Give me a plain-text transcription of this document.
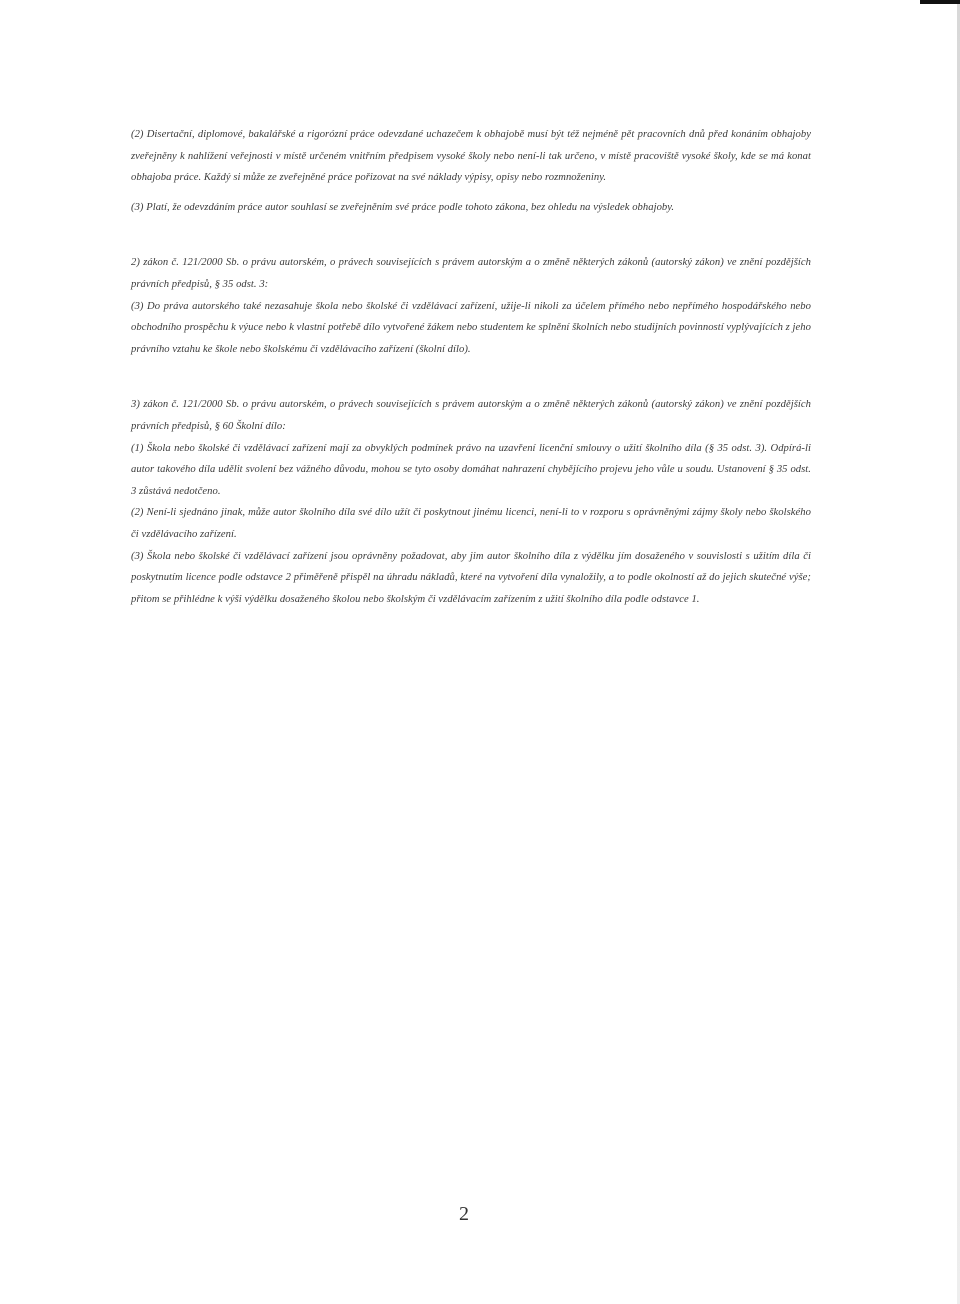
(2) Disertační, diplomové, bakalářské a rigorózní práce odevzdané uchazečem k obhajobě musí být též nejméně pět pracovních dnů před konáním obhajoby zveřejněny k nahlížení veřejnosti v místě určeném vnitřním předpisem vysoké školy nebo není-li tak určeno, v místě pracoviště vysoké školy, kde se má konat obhajoba práce. Každý si může ze zveřejněné práce pořizovat na své náklady výpisy, opisy nebo rozmnoženiny.

(3) Platí, že odevzdáním práce autor souhlasí se zveřejněním své práce podle tohoto zákona, bez ohledu na výsledek obhajoby.

2) zákon č. 121/2000 Sb. o právu autorském, o právech souvisejících s právem autorským a o změně některých zákonů (autorský zákon) ve znění pozdějších právních předpisů, § 35 odst. 3:

(3) Do práva autorského také nezasahuje škola nebo školské či vzdělávací zařízení, užije-li nikoli za účelem přímého nebo nepřímého hospodářského nebo obchodního prospěchu k výuce nebo k vlastní potřebě dílo vytvořené žákem nebo studentem ke splnění školních nebo studijních povinností vyplývajících z jeho právního vztahu ke škole nebo školskému či vzdělávacího zařízení (školní dílo).

3) zákon č. 121/2000 Sb. o právu autorském, o právech souvisejících s právem autorským a o změně některých zákonů (autorský zákon) ve znění pozdějších právních předpisů, § 60 Školní dílo:

(1) Škola nebo školské či vzdělávací zařízení mají za obvyklých podmínek právo na uzavření licenční smlouvy o užití školního díla (§ 35 odst. 3). Odpírá-li autor takového díla udělit svolení bez vážného důvodu, mohou se tyto osoby domáhat nahrazení chybějícího projevu jeho vůle u soudu. Ustanovení § 35 odst. 3 zůstává nedotčeno.

(2) Není-li sjednáno jinak, může autor školního díla své dílo užít či poskytnout jinému licenci, není-li to v rozporu s oprávněnými zájmy školy nebo školského či vzdělávacího zařízení.

(3) Škola nebo školské či vzdělávací zařízení jsou oprávněny požadovat, aby jim autor školního díla z výdělku jím dosaženého v souvislosti s užitím díla či poskytnutím licence podle odstavce 2 přiměřeně přispěl na úhradu nákladů, které na vytvoření díla vynaložily, a to podle okolností až do jejich skutečné výše; přitom se přihlédne k výši výdělku dosaženého školou nebo školským či vzdělávacím zařízením z užití školního díla podle odstavce 1.

2
